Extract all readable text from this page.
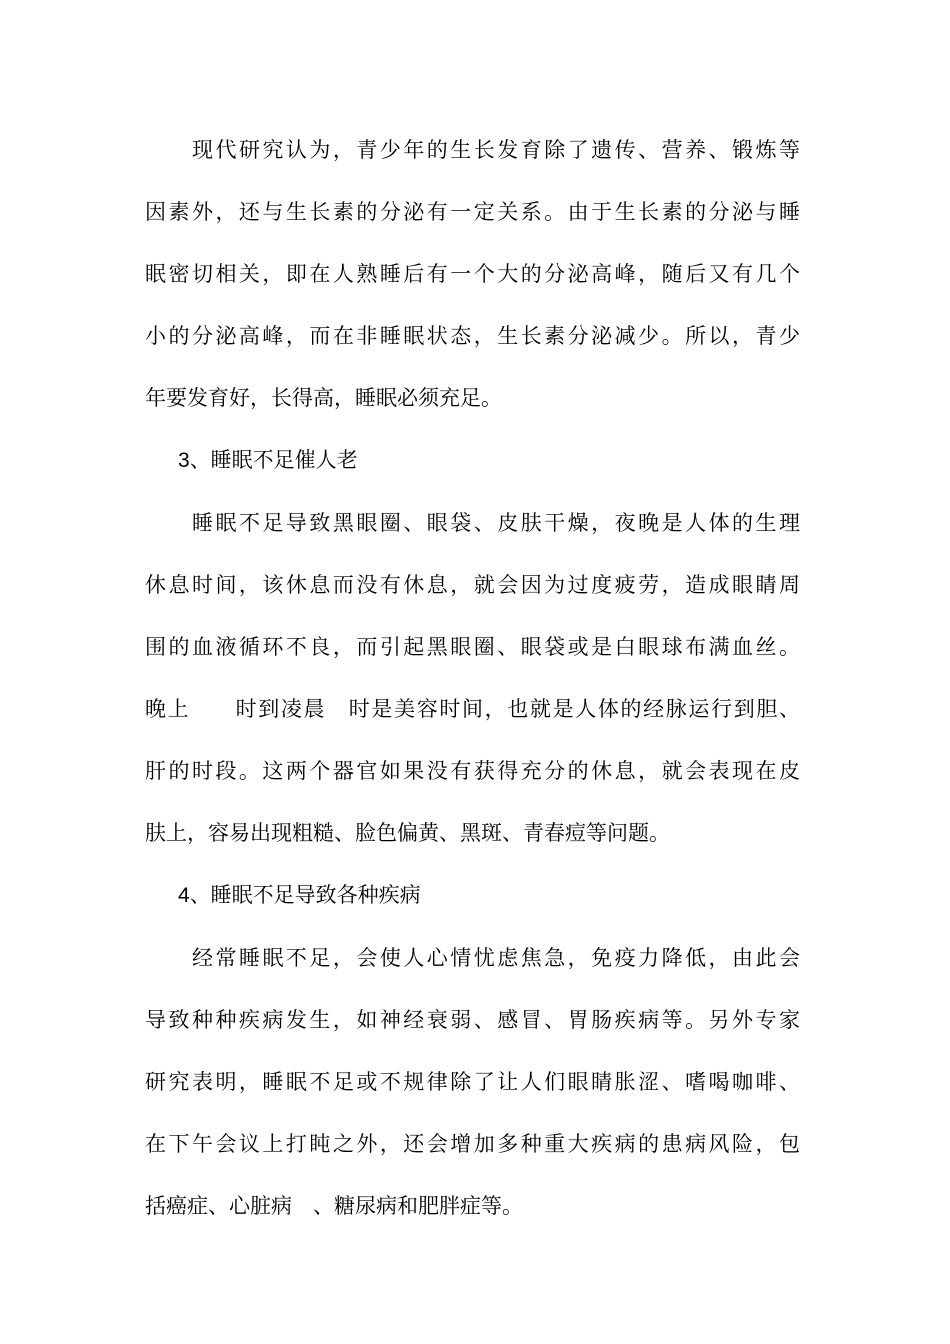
现代研究认为，青少年的生长发育除了遗传、营养、锻炼等
因素外，还与生长素的分泌有一定关系。由于生长素的分泌与睡
眠密切相关，即在人熟睡后有一个大的分泌高峰，随后又有几个
小的分泌高峰，而在非睡眠状态，生长素分泌减少。所以，青少
年要发育好，长得高，睡眠必须充足。

3、睡眠不足催人老

睡眠不足导致黑眼圈、眼袋、皮肤干燥，夜晚是人体的生理
休息时间，该休息而没有休息，就会因为过度疲劳，造成眼睛周
围的血液循环不良，而引起黑眼圈、眼袋或是白眼球布满血丝。
晚上　　时到凌晨　时是美容时间，也就是人体的经脉运行到胆、
肝的时段。这两个器官如果没有获得充分的休息，就会表现在皮
肤上，容易出现粗糙、脸色偏黄、黑斑、青春痘等问题。

4、睡眠不足导致各种疾病

经常睡眠不足，会使人心情忧虑焦急，免疫力降低，由此会
导致种种疾病发生，如神经衰弱、感冒、胃肠疾病等。另外专家
研究表明，睡眠不足或不规律除了让人们眼睛胀涩、嗜喝咖啡、
在下午会议上打盹之外，还会增加多种重大疾病的患病风险，包
括癌症、心脏病　、糖尿病和肥胖症等。
